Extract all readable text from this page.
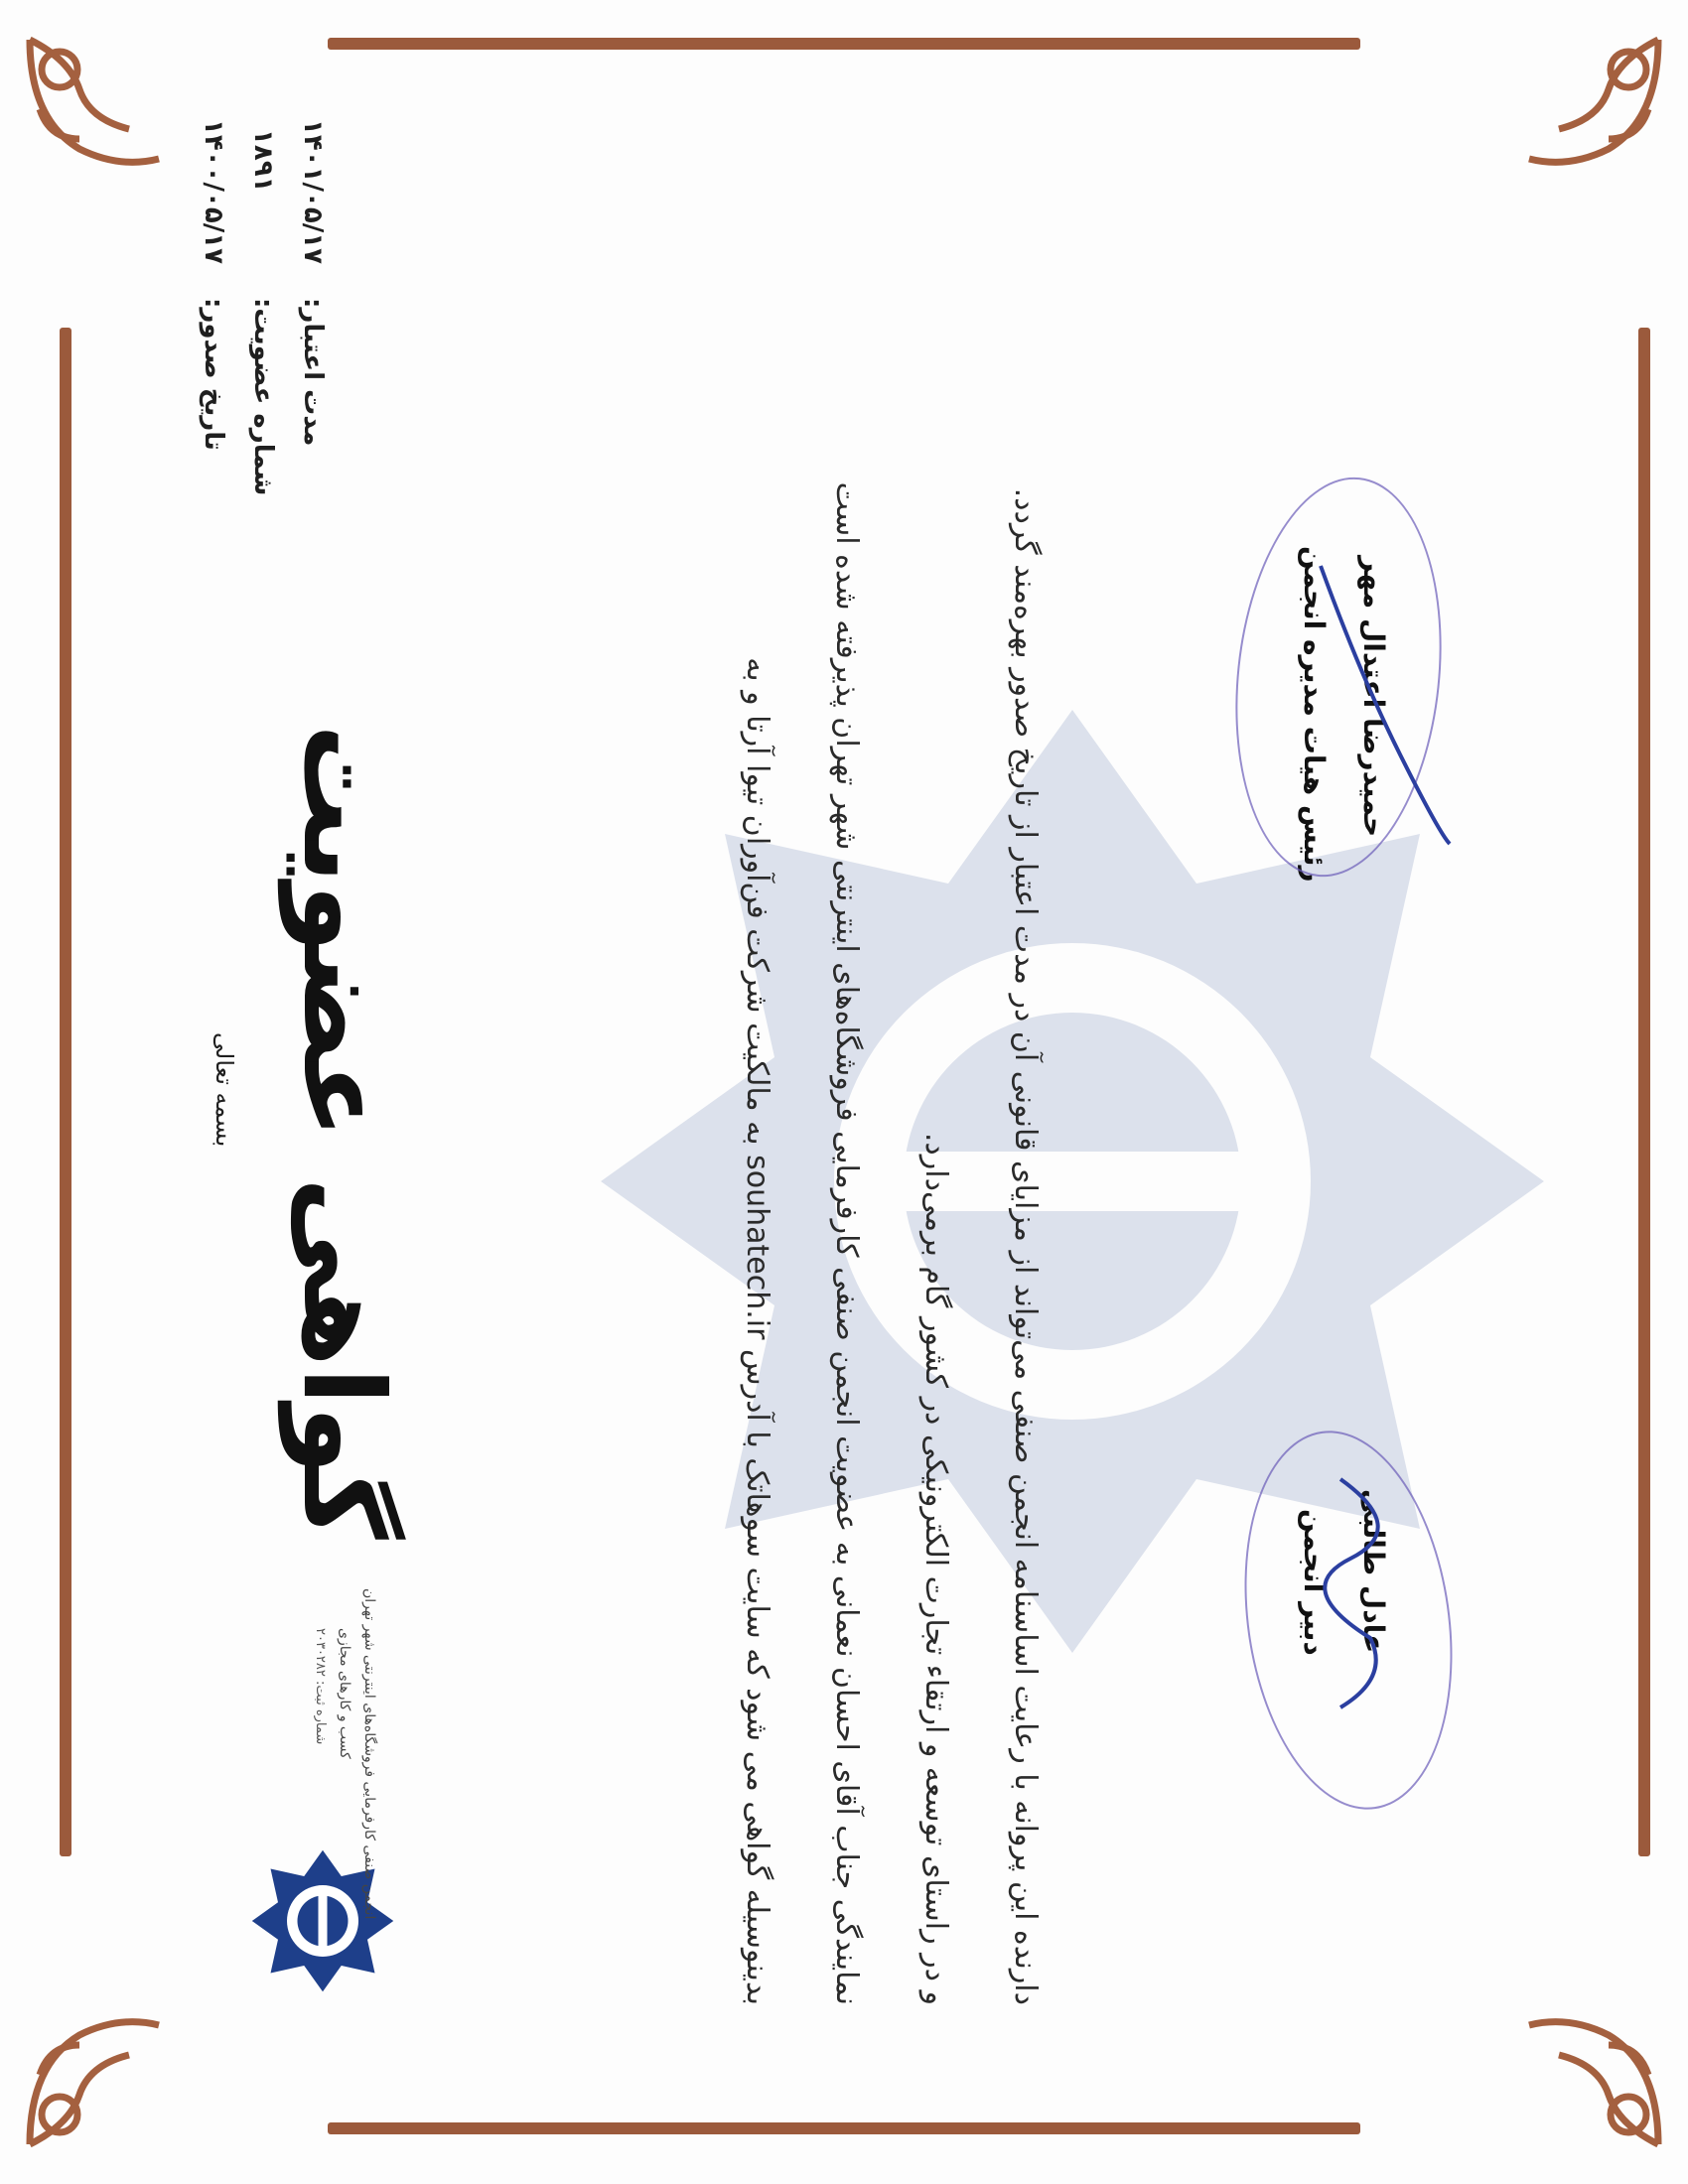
انجمن صنفی کارفرمایی فروشگاه‌های اینترنتی شهر تهران
کسب و کارهای مجازی
شماره ثبت: ۲۰۳۰۲۸۲
بسمه تعالی گواهی عضویت
تاریخ صدور:
۱۴۰۰/۰۵/۱۷
شماره عضویت:
۱۸۹۱
مدت اعتبار:
۱۴۰۱/۰۵/۱۷
بدینوسیله گواهی می شود که سایت سوهاتک با آدرس souhatech.ir به مالکیت شرکت فن‌آوران تیوا آرتا و به نمایندگی جناب آقای احسان نعمانی به عضویت انجمن صنفی کارفرمایی فروشگاه‌های اینترنتی شهر تهران پذیرفته شده است و در راستای توسعه و ارتقاء تجارت الکترونیکی در کشور گام برمی‌دارد. دارنده این پروانه با رعایت اساسنامه انجمن صنفی می‌تواند از مزایای قانونی آن در مدت اعتبار از تاریخ صدور بهره‌مند گردد.	دبیر انجمن عادل طالبی
رئیس هیات مدیره انجمن حمیدرضا اعتدال مهر
